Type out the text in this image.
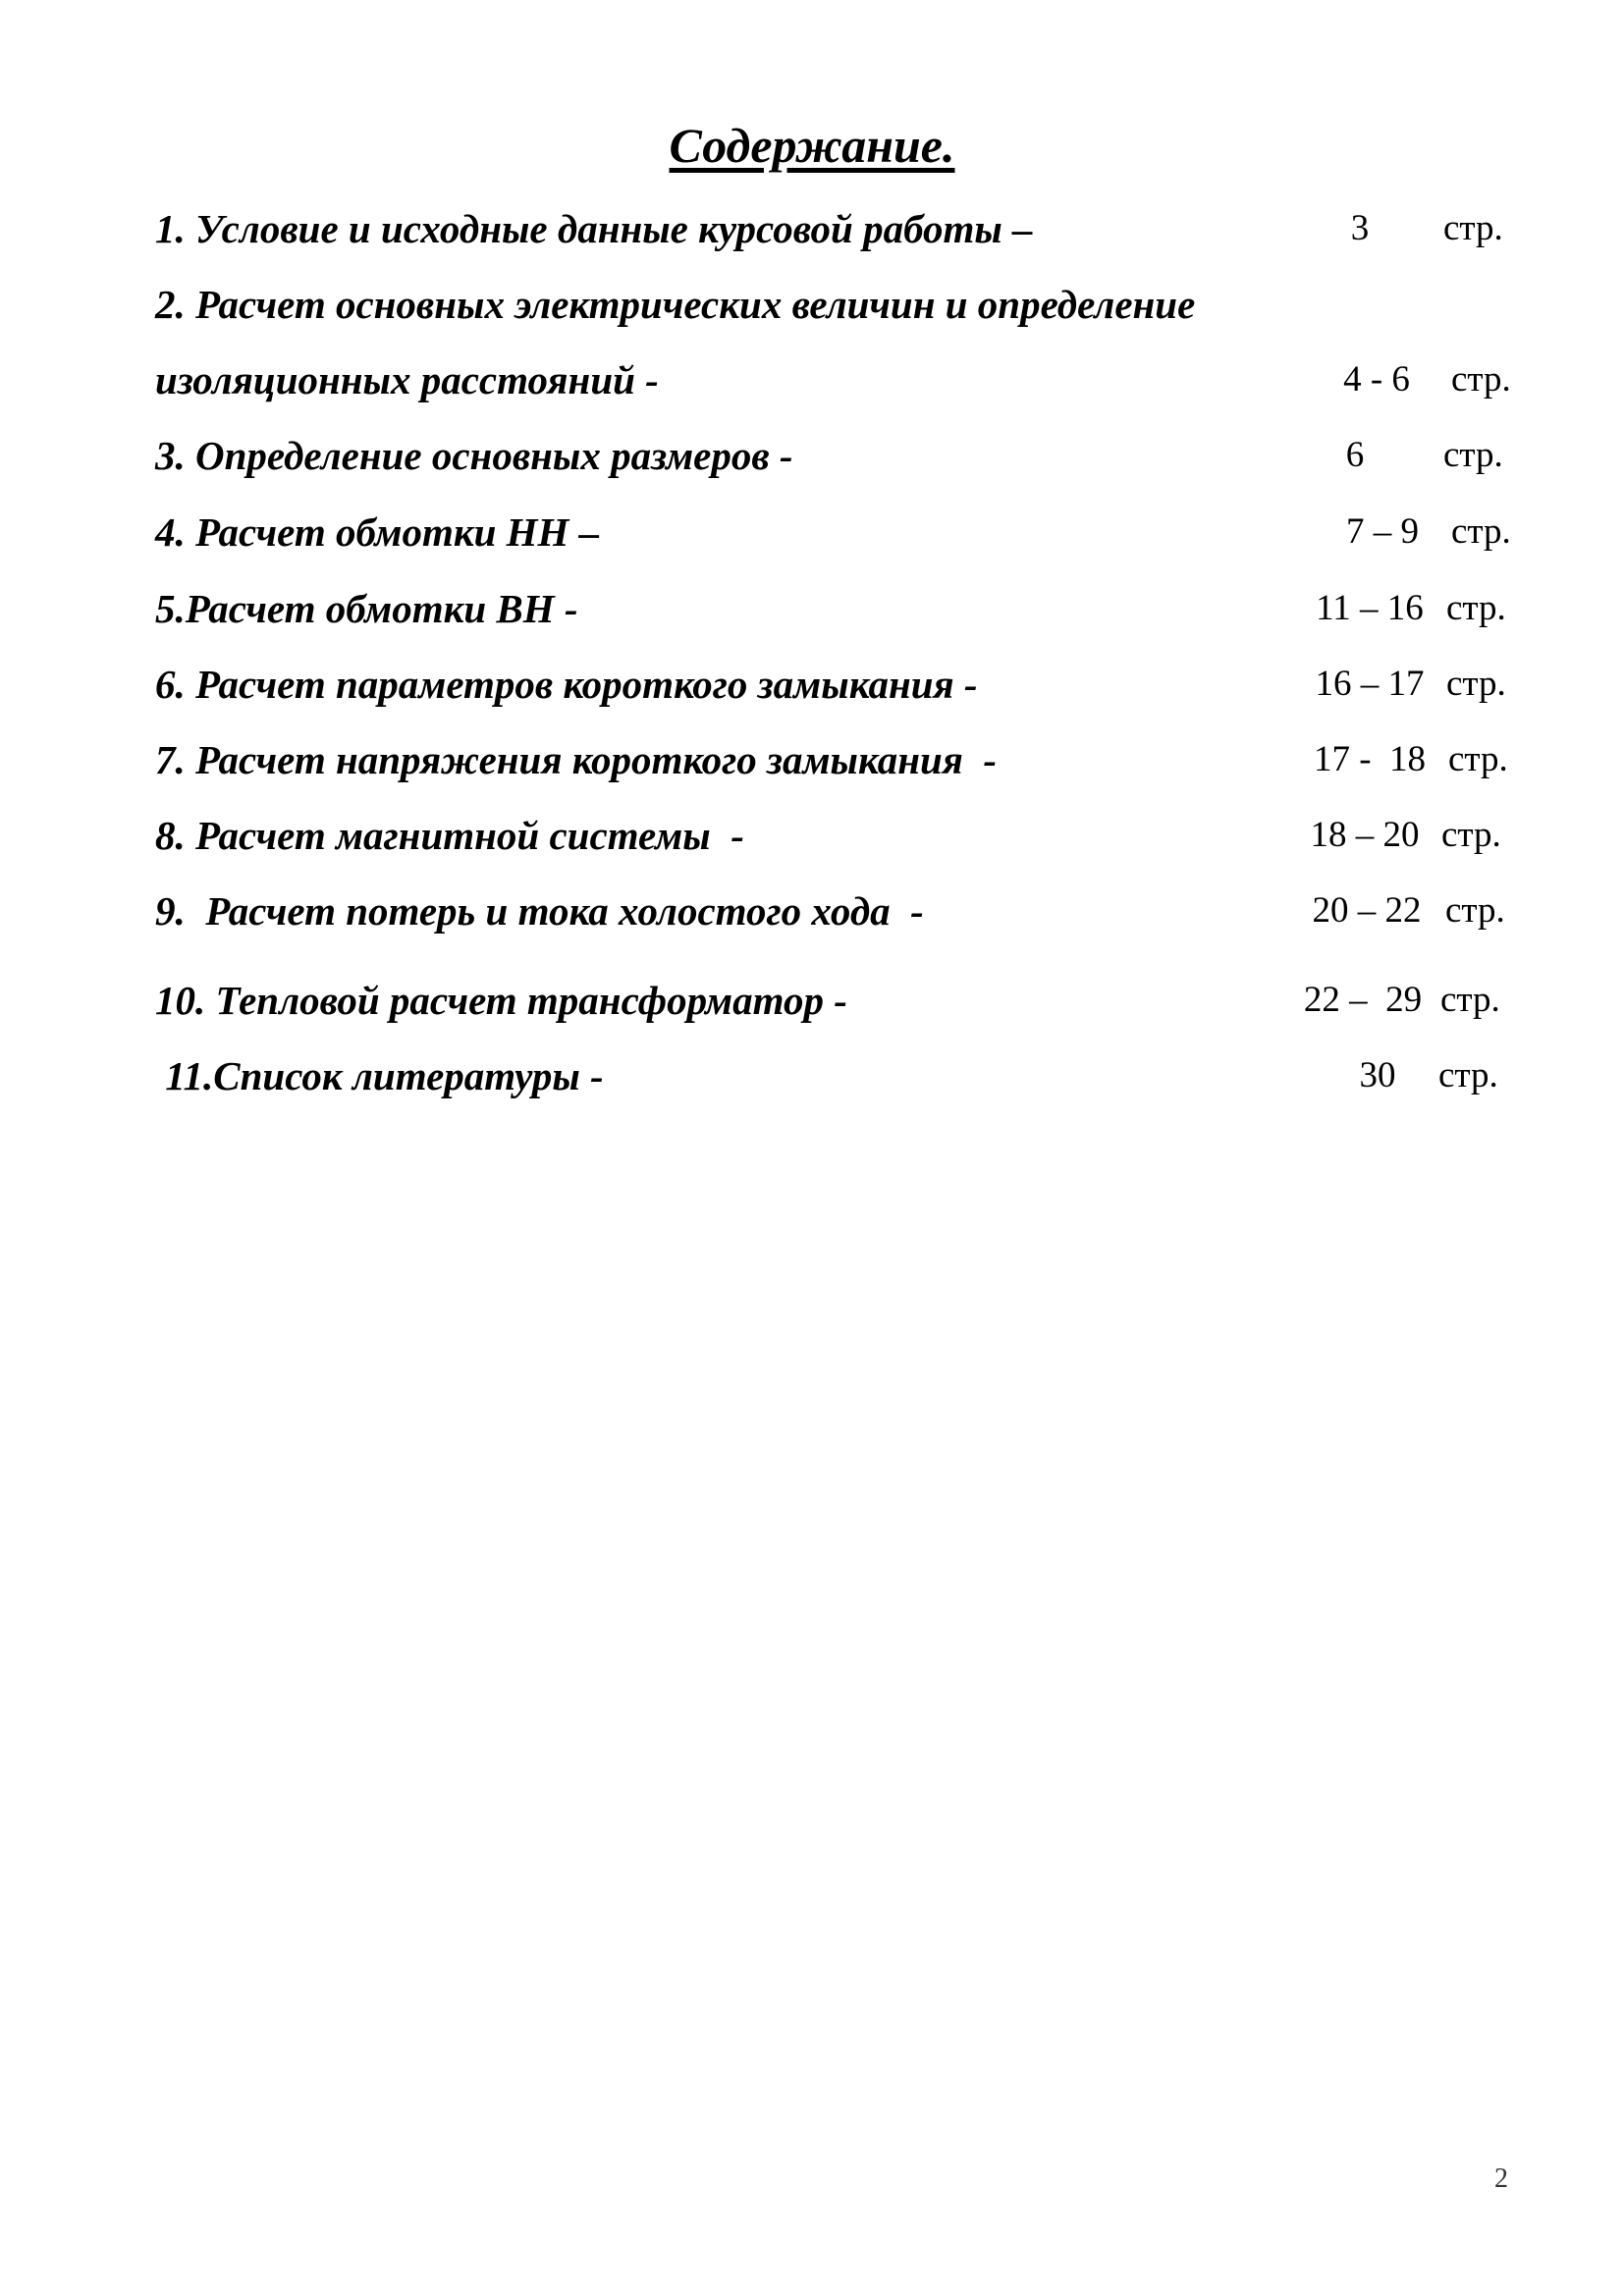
Содержание.
1. Условие и исходные данные курсовой работы –	3	стр.
2. Расчет основных электрических величин и определение
изоляционных расстояний -	4 - 6	стр.
3. Определение основных размеров -	6	стр.
4. Расчет обмотки НН –	7 – 9 стр.
5.Расчет обмотки ВН -	11 – 16 стр.
6. Расчет параметров короткого замыкания -	16 – 17 стр.
7. Расчет напряжения короткого замыкания  -	17 -  18 стр.
8. Расчет магнитной системы  -	18 – 20 стр.
9.  Расчет потерь и тока холостого хода  -	20 – 22 стр.
10. Тепловой расчет трансформатор -	22 –  29 стр.
11.Список литературы -	30	стр.
2
